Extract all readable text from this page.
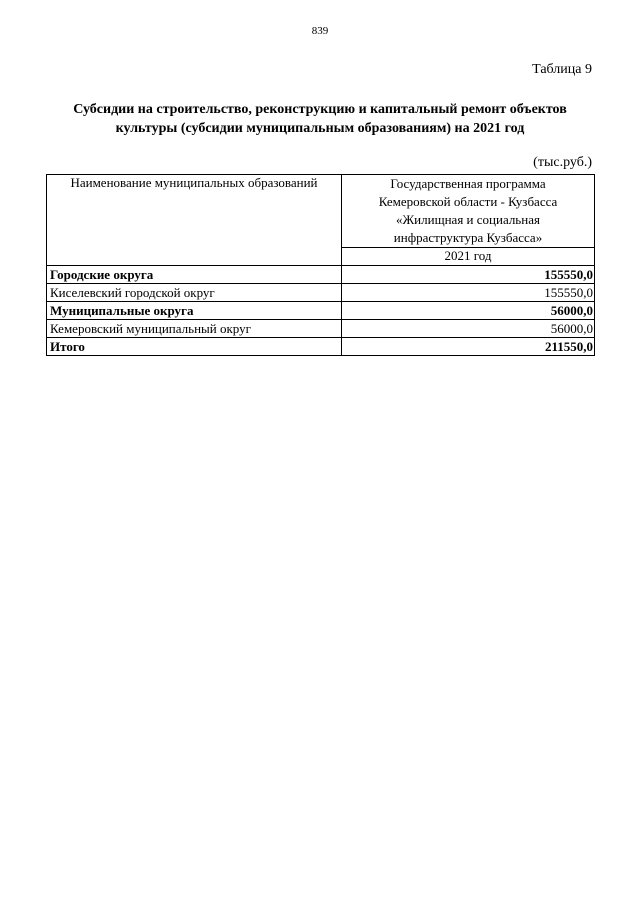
839
Таблица 9
Субсидии на строительство, реконструкцию и капитальный ремонт объектов
культуры (субсидии муниципальным образованиям) на 2021 год
(тыс.руб.)
Наименование муниципальных образований	Государственная программа
Кемеровской области - Кузбасса
«Жилищная и социальная
инфраструктура Кузбасса»

	2021 год
Городские округа	155550,0
Киселевский городской округ	155550,0
Муниципальные округа	56000,0
Кемеровский муниципальный округ	56000,0
Итого	211550,0
